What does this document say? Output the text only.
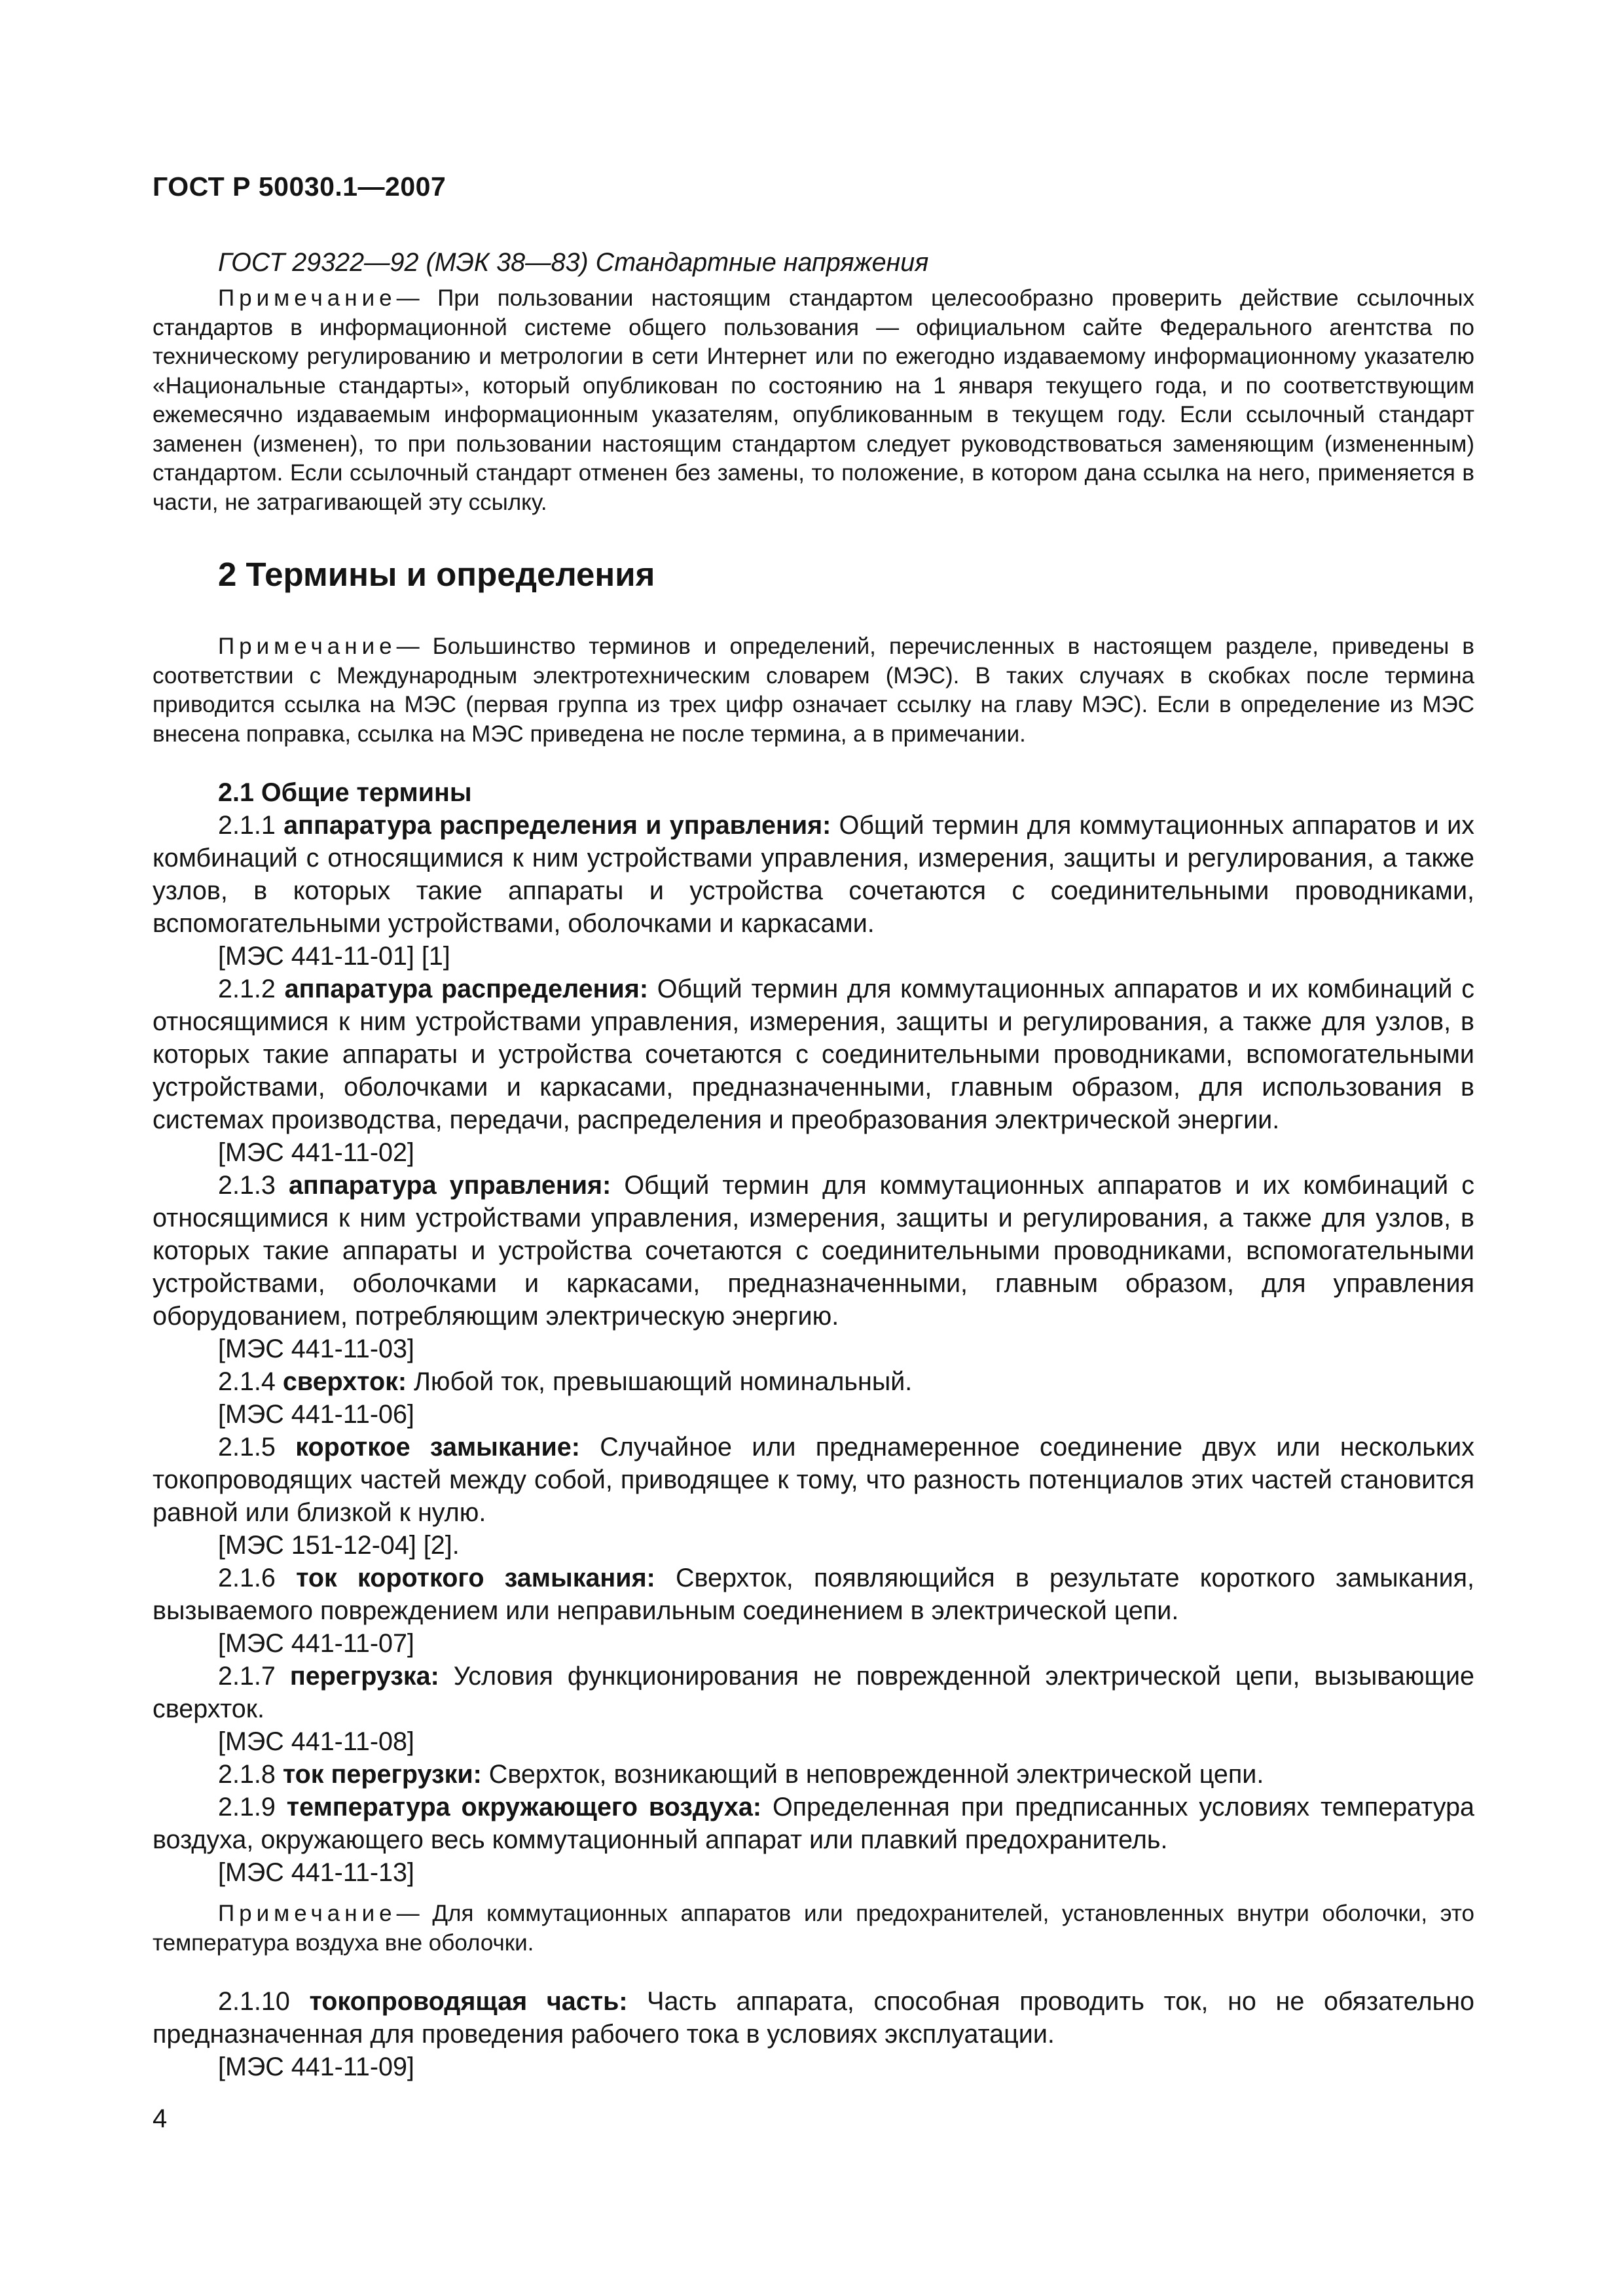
ГОСТ Р 50030.1—2007

ГОСТ 29322—92 (МЭК 38—83) Стандартные напряжения

Примечание— При пользовании настоящим стандартом целесообразно проверить действие ссылочных стандартов в информационной системе общего пользования — официальном сайте Федерального агентства по техническому регулированию и метрологии в сети Интернет или по ежегодно издаваемому информационному указателю «Национальные стандарты», который опубликован по состоянию на 1 января текущего года, и по соответствующим ежемесячно издаваемым информационным указателям, опубликованным в текущем году. Если ссылочный стандарт заменен (изменен), то при пользовании настоящим стандартом следует руководствоваться заменяющим (измененным) стандартом. Если ссылочный стандарт отменен без замены, то положение, в котором дана ссылка на него, применяется в части, не затрагивающей эту ссылку.

2 Термины и определения

Примечание— Большинство терминов и определений, перечисленных в настоящем разделе, приведены в соответствии с Международным электротехническим словарем (МЭС). В таких случаях в скобках после термина приводится ссылка на МЭС (первая группа из трех цифр означает ссылку на главу МЭС). Если в определение из МЭС внесена поправка, ссылка на МЭС приведена не после термина, а в примечании.

2.1 Общие термины

2.1.1 аппаратура распределения и управления: Общий термин для коммутационных аппаратов и их комбинаций с относящимися к ним устройствами управления, измерения, защиты и регулирования, а также узлов, в которых такие аппараты и устройства сочетаются с соединительными проводниками, вспомогательными устройствами, оболочками и каркасами.

[МЭС 441-11-01] [1]

2.1.2 аппаратура распределения: Общий термин для коммутационных аппаратов и их комбинаций с относящимися к ним устройствами управления, измерения, защиты и регулирования, а также для узлов, в которых такие аппараты и устройства сочетаются с соединительными проводниками, вспомогательными устройствами, оболочками и каркасами, предназначенными, главным образом, для использования в системах производства, передачи, распределения и преобразования электрической энергии.

[МЭС 441-11-02]

2.1.3 аппаратура управления: Общий термин для коммутационных аппаратов и их комбинаций с относящимися к ним устройствами управления, измерения, защиты и регулирования, а также для узлов, в которых такие аппараты и устройства сочетаются с соединительными проводниками, вспомогательными устройствами, оболочками и каркасами, предназначенными, главным образом, для управления оборудованием, потребляющим электрическую энергию.

[МЭС 441-11-03]

2.1.4 сверхток: Любой ток, превышающий номинальный.

[МЭС 441-11-06]

2.1.5 короткое замыкание: Случайное или преднамеренное соединение двух или нескольких токопроводящих частей между собой, приводящее к тому, что разность потенциалов этих частей становится равной или близкой к нулю.

[МЭС 151-12-04] [2].

2.1.6 ток короткого замыкания: Сверхток, появляющийся в результате короткого замыкания, вызываемого повреждением или неправильным соединением в электрической цепи.

[МЭС 441-11-07]

2.1.7 перегрузка: Условия функционирования не поврежденной электрической цепи, вызывающие сверхток.

[МЭС 441-11-08]

2.1.8 ток перегрузки: Сверхток, возникающий в неповрежденной электрической цепи.

2.1.9 температура окружающего воздуха: Определенная при предписанных условиях температура воздуха, окружающего весь коммутационный аппарат или плавкий предохранитель.

[МЭС 441-11-13]

Примечание— Для коммутационных аппаратов или предохранителей, установленных внутри оболочки, это температура воздуха вне оболочки.

2.1.10 токопроводящая часть: Часть аппарата, способная проводить ток, но не обязательно предназначенная для проведения рабочего тока в условиях эксплуатации.

[МЭС 441-11-09]

4
